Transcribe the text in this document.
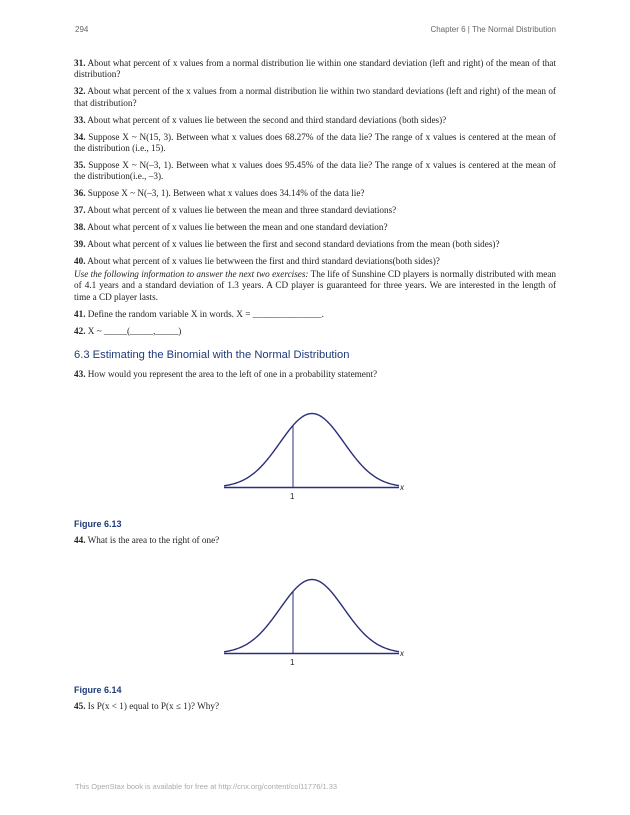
294	Chapter 6 | The Normal Distribution

31. About what percent of x values from a normal distribution lie within one standard deviation (left and right) of the mean of that distribution?

32. About what percent of the x values from a normal distribution lie within two standard deviations (left and right) of the mean of that distribution?

33. About what percent of x values lie between the second and third standard deviations (both sides)?

34. Suppose X ~ N(15, 3). Between what x values does 68.27% of the data lie? The range of x values is centered at the mean of the distribution (i.e., 15).

35. Suppose X ~ N(–3, 1). Between what x values does 95.45% of the data lie? The range of x values is centered at the mean of the distribution(i.e., –3).

36. Suppose X ~ N(–3, 1). Between what x values does 34.14% of the data lie?

37. About what percent of x values lie between the mean and three standard deviations?

38. About what percent of x values lie between the mean and one standard deviation?

39. About what percent of x values lie between the first and second standard deviations from the mean (both sides)?

40. About what percent of x values lie betwween the first and third standard deviations(both sides)?

Use the following information to answer the next two exercises: The life of Sunshine CD players is normally distributed with mean of 4.1 years and a standard deviation of 1.3 years. A CD player is guaranteed for three years. We are interested in the length of time a CD player lasts.

41. Define the random variable X in words. X = _______________.

42. X ~ _____(_____,_____)

6.3 Estimating the Binomial with the Normal Distribution

43. How would you represent the area to the left of one in a probability statement?

1
x
Figure 6.13

44. What is the area to the right of one?

1
x
Figure 6.14

45. Is P(x < 1) equal to P(x ≤ 1)? Why?

This OpenStax book is available for free at http://cnx.org/content/col11776/1.33
